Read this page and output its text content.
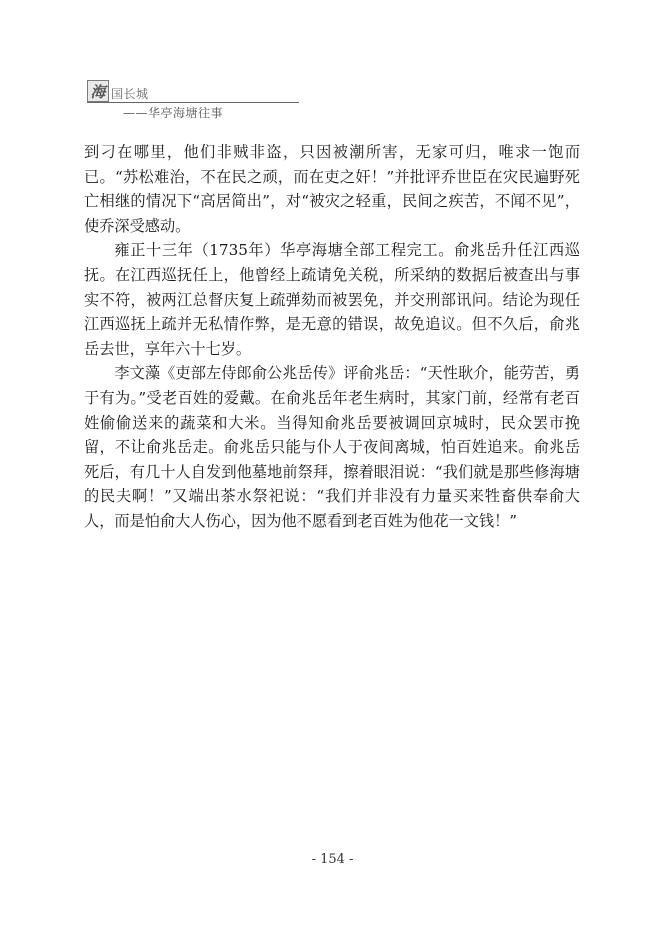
海 国长城
——华亭海塘往事

到刁在哪里，他们非贼非盗，只因被潮所害，无家可归，唯求一饱而已。“苏松难治，不在民之顽，而在吏之奸！”并批评乔世臣在灾民遍野死亡相继的情况下“高居简出”，对“被灾之轻重，民间之疾苦，不闻不见”，使乔深受感动。

雍正十三年（1735年）华亭海塘全部工程完工。俞兆岳升任江西巡抚。在江西巡抚任上，他曾经上疏请免关税，所采纳的数据后被查出与事实不符，被两江总督庆复上疏弹劾而被罢免，并交刑部讯问。结论为现任江西巡抚上疏并无私情作弊，是无意的错误，故免追议。但不久后，俞兆岳去世，享年六十七岁。

李文藻《吏部左侍郎俞公兆岳传》评俞兆岳：“天性耿介，能劳苦，勇于有为。”受老百姓的爱戴。在俞兆岳年老生病时，其家门前，经常有老百姓偷偷送来的蔬菜和大米。当得知俞兆岳要被调回京城时，民众罢市挽留，不让俞兆岳走。俞兆岳只能与仆人于夜间离城，怕百姓追来。俞兆岳死后，有几十人自发到他墓地前祭拜，擦着眼泪说：“我们就是那些修海塘的民夫啊！”又端出茶水祭祀说：“我们并非没有力量买来牲畜供奉俞大人，而是怕俞大人伤心，因为他不愿看到老百姓为他花一文钱！”

- 154 -
